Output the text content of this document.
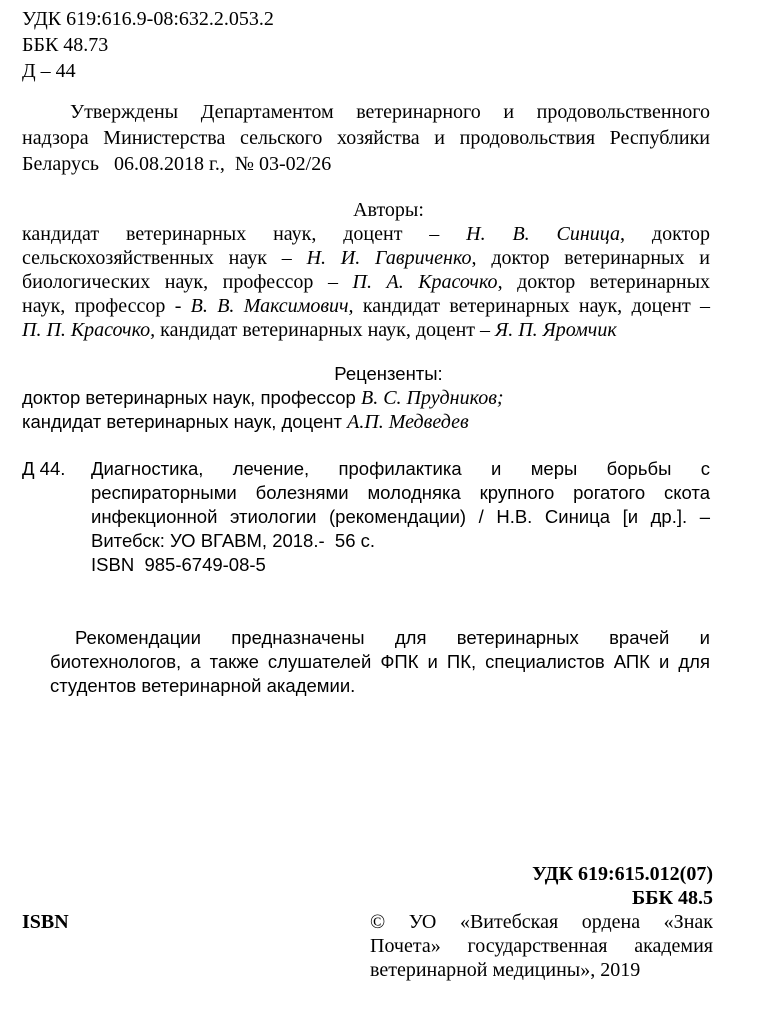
УДК 619:616.9-08:632.2.053.2
ББК 48.73
Д – 44
Утверждены Департаментом ветеринарного и продовольственного
надзора Министерства сельского хозяйства и продовольствия Республики
Беларусь   06.08.2018 г.,  № 03-02/26
Авторы:
кандидат ветеринарных наук, доцент – Н. В. Синица, доктор
сельскохозяйственных наук – Н. И. Гавриченко, доктор ветеринарных и
биологических наук, профессор – П. А. Красочко, доктор ветеринарных
наук, профессор - В. В. Максимович, кандидат ветеринарных наук, доцент –
П. П. Красочко, кандидат ветеринарных наук, доцент – Я. П. Яромчик
Рецензенты:
доктор ветеринарных наук, профессор В. С. Прудников;
кандидат ветеринарных наук, доцент А.П. Медведев
Д 44. Диагностика, лечение, профилактика и меры борьбы с
респираторными болезнями молодняка крупного рогатого скота
инфекционной этиологии (рекомендации) / Н.В. Синица [и др.]. –
Витебск: УО ВГАВМ, 2018.-  56 с.
ISBN  985-6749-08-5
Рекомендации предназначены для ветеринарных врачей и
биотехнологов, а также слушателей ФПК и ПК, специалистов АПК и для
студентов ветеринарной академии.
УДК 619:615.012(07)
ББК 48.5
ISBN	© УО «Витебская ордена «Знак
Почета» государственная академия
ветеринарной медицины», 2019
